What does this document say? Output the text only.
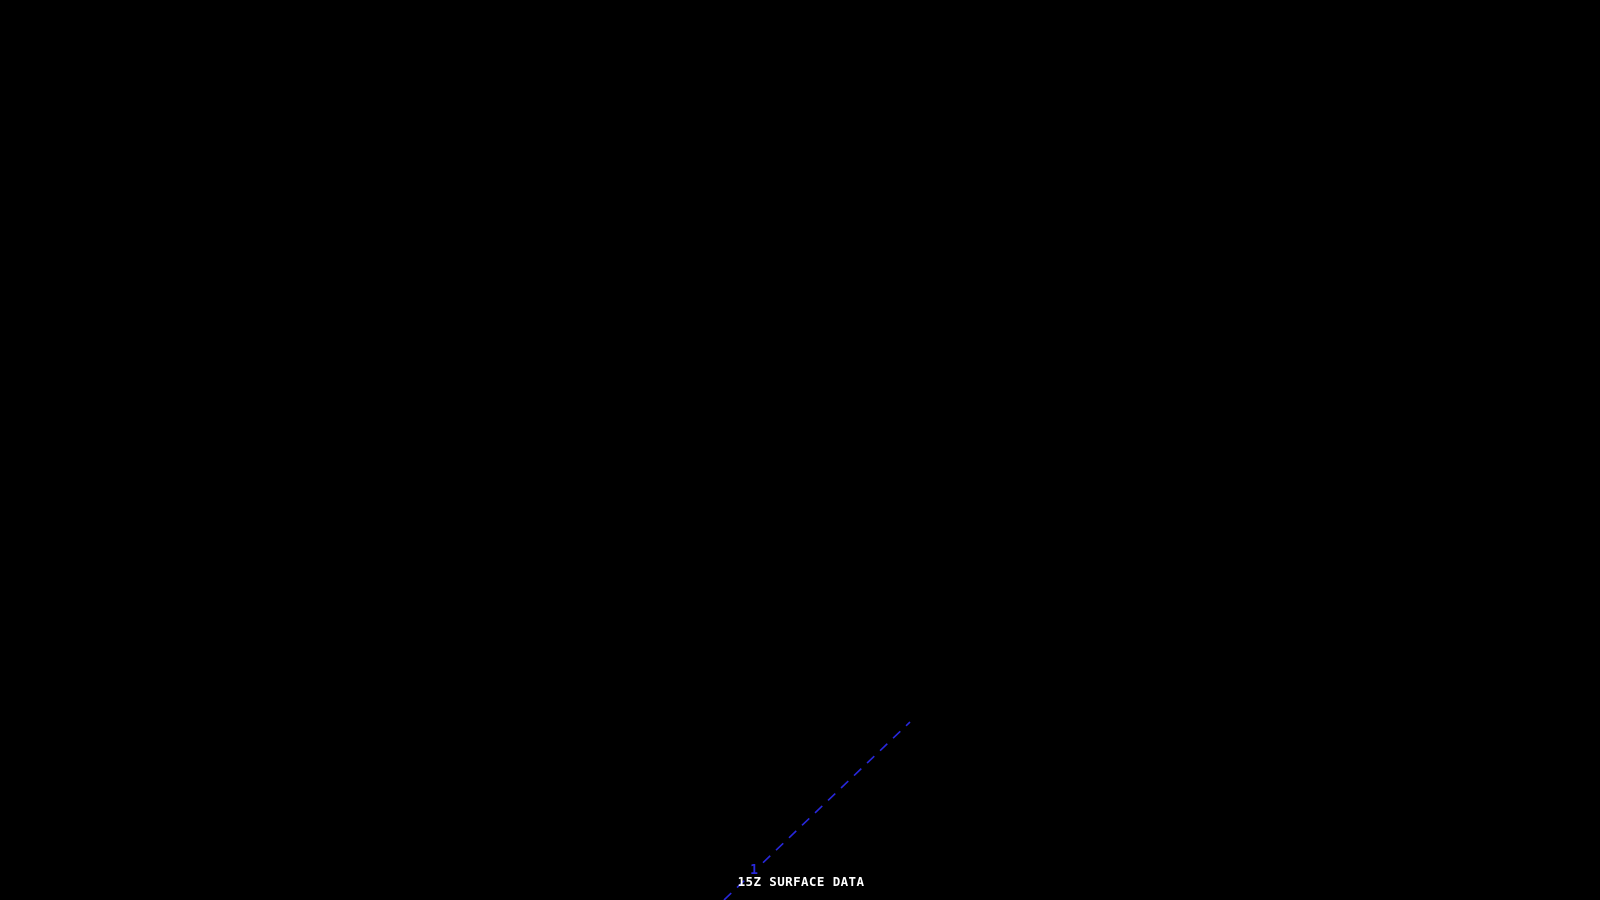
1
15Z SURFACE DATA
